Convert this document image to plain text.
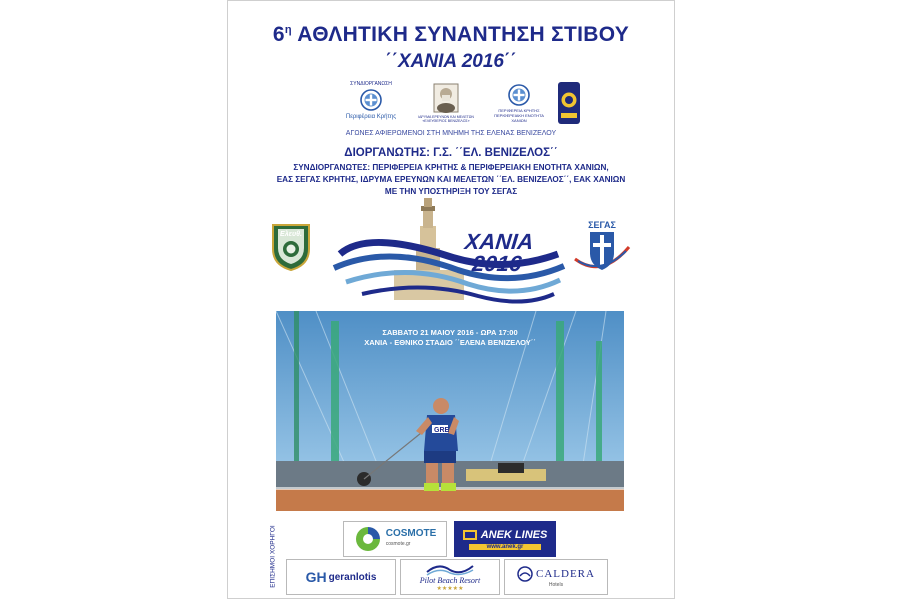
$6^\eta$ ΑΘΛΗΤΙΚΗ ΣΥΝΑΝΤΗΣΗ ΣΤΙΒΟΥ
΄΄ΧΑΝΙΑ 2016΄΄
ΣΥΝΔΙΟΡΓΑΝΩΣΗ
Περιφέρεια Κρήτης	ΙΔΡΥΜΑ ΕΡΕΥΝΩΝ ΚΑΙ ΜΕΛΕΤΩΝ «ΕΛΕΥΘΕΡΙΟΣ ΒΕΝΙΖΕΛΟΣ»
ΠΕΡΙΦΕΡΕΙΑ ΚΡΗΤΗΣ ΠΕΡΙΦΕΡΕΙΑΚΗ ΕΝΟΤΗΤΑ ΧΑΝΙΩΝ
ΑΓΩΝΕΣ ΑΦΙΕΡΩΜΕΝΟΙ ΣΤΗ ΜΝΗΜΗ ΤΗΣ ΕΛΕΝΑΣ ΒΕΝΙΖΕΛΟΥ
ΔΙΟΡΓΑΝΩΤΗΣ: Γ.Σ. ΄΄ΕΛ. ΒΕΝΙΖΕΛΟΣ΄΄
ΣΥΝΔΙΟΡΓΑΝΩΤΕΣ: ΠΕΡΙΦΕΡΕΙΑ ΚΡΗΤΗΣ & ΠΕΡΙΦΕΡΕΙΑΚΗ ΕΝΟΤΗΤΑ ΧΑΝΙΩΝ,
ΕΑΣ ΣΕΓΑΣ ΚΡΗΤΗΣ, ΙΔΡΥΜΑ ΕΡΕΥΝΩΝ ΚΑΙ ΜΕΛΕΤΩΝ ΄΄ΕΛ. ΒΕΝΙΖΕΛΟΣ΄΄, ΕΑΚ ΧΑΝΙΩΝ
ΜΕ ΤΗΝ ΥΠΟΣΤΗΡΙΞΗ ΤΟΥ ΣΕΓΑΣ
Ελευθ.
ΣΕΓΑΣ
ΧΑΝΙΑ
2016
GRE
ΣΑΒΒΑΤΟ 21 ΜΑΙΟΥ 2016 - ΩΡΑ 17:00
ΧΑΝΙΑ - ΕΘΝΙΚΟ ΣΤΑΔΙΟ ΄΄ΕΛΕΝΑ ΒΕΝΙΖΕΛΟΥ΄΄
ΕΠΙΣΗΜΟΙ ΧΟΡΗΓΟΙ	COSMOTE
cosmote.gr
ANEK LINES
www.anek.gr
GH geranlotis	Pilot Beach Resort
★★★★★
CAL DERA
Hotels
